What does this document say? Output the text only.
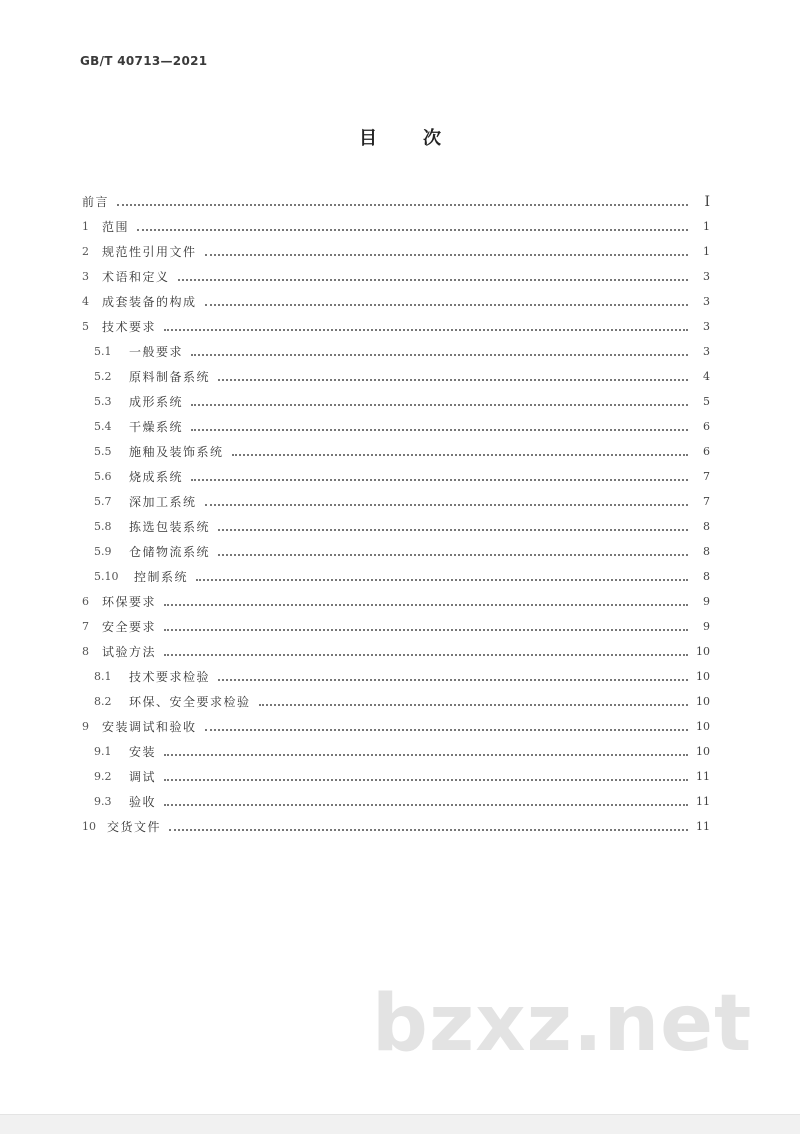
GB/T 40713—2021
目	次
前言	I
1	范围	1
2	规范性引用文件	1
3	术语和定义	3
4	成套装备的构成	3
5	技术要求	3
5.1	一般要求	3
5.2	原料制备系统	4
5.3	成形系统	5
5.4	干燥系统	6
5.5	施釉及装饰系统	6
5.6	烧成系统	7
5.7	深加工系统	7
5.8	拣选包装系统	8
5.9	仓储物流系统	8
5.10	控制系统	8
6	环保要求	9
7	安全要求	9
8	试验方法	10
8.1	技术要求检验	10
8.2	环保、安全要求检验	10
9	安装调试和验收	10
9.1	安装	10
9.2	调试	11
9.3	验收	11
10 交货文件	11
bzxz.net
